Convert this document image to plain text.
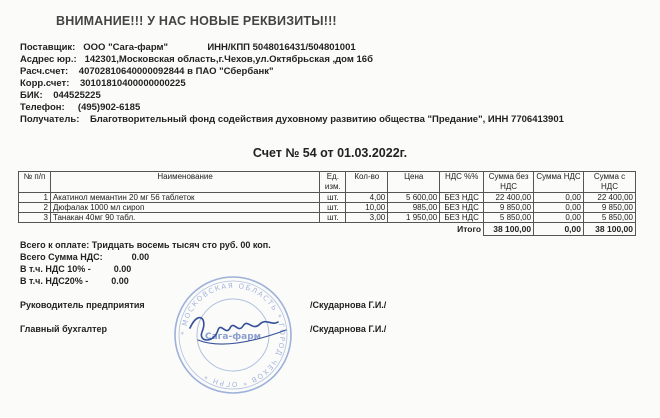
ВНИМАНИЕ!!! У НАС НОВЫЕ РЕКВИЗИТЫ!!!
Поставщик: ООО "Сага-фарм"	ИНН/КПП 5048016431/504801001
Асдрес юр.: 142301,Московская область,г.Чехов,ул.Октябрьская ,дом 16б
Расч.счет: 40702810640000092844 в ПАО "Сбербанк"
Корр.счет: 30101810400000000225
БИК: 044525225
Телефон: (495)902-6185
Получатель: Благотворительный фонд содействия духовному развитию общества "Предание", ИНН 7706413901
Счет № 54 от 01.03.2022г.
№ п/п	Наименование	Ед. изм.	Кол-во	Цена	НДС %%	Сумма без НДС	Сумма НДС	Сумма с НДС
1	Акатинол мемантин 20 мг 56 таблеток	шт.	4,00	5 600,00	БЕЗ НДС	22 400,00	0,00	22 400,00
2	Дюфалак 1000 мл сироп	шт.	10,00	985,00	БЕЗ НДС	9 850,00	0,00	9 850,00
3	Танакан 40мг 90 табл.	шт.	3,00	1 950,00	БЕЗ НДС	5 850,00	0,00	5 850,00
					Итого	38 100,00	0,00	38 100,00
Всего к оплате: Тридцать восемь тысяч сто руб. 00 коп.
Всего Сумма НДС:	0.00
В т.ч. НДС 10% -	0.00
В т.ч. НДС20% -	0.00
* МОСКОВСКАЯ ОБЛАСТЬ * ГОРОД ЧЕХОВ * ОГРН *
Сага-фарм
Руководитель предприятия	/Скударнова Г.И./
Главный бухгалтер	/Скударнова Г.И./
